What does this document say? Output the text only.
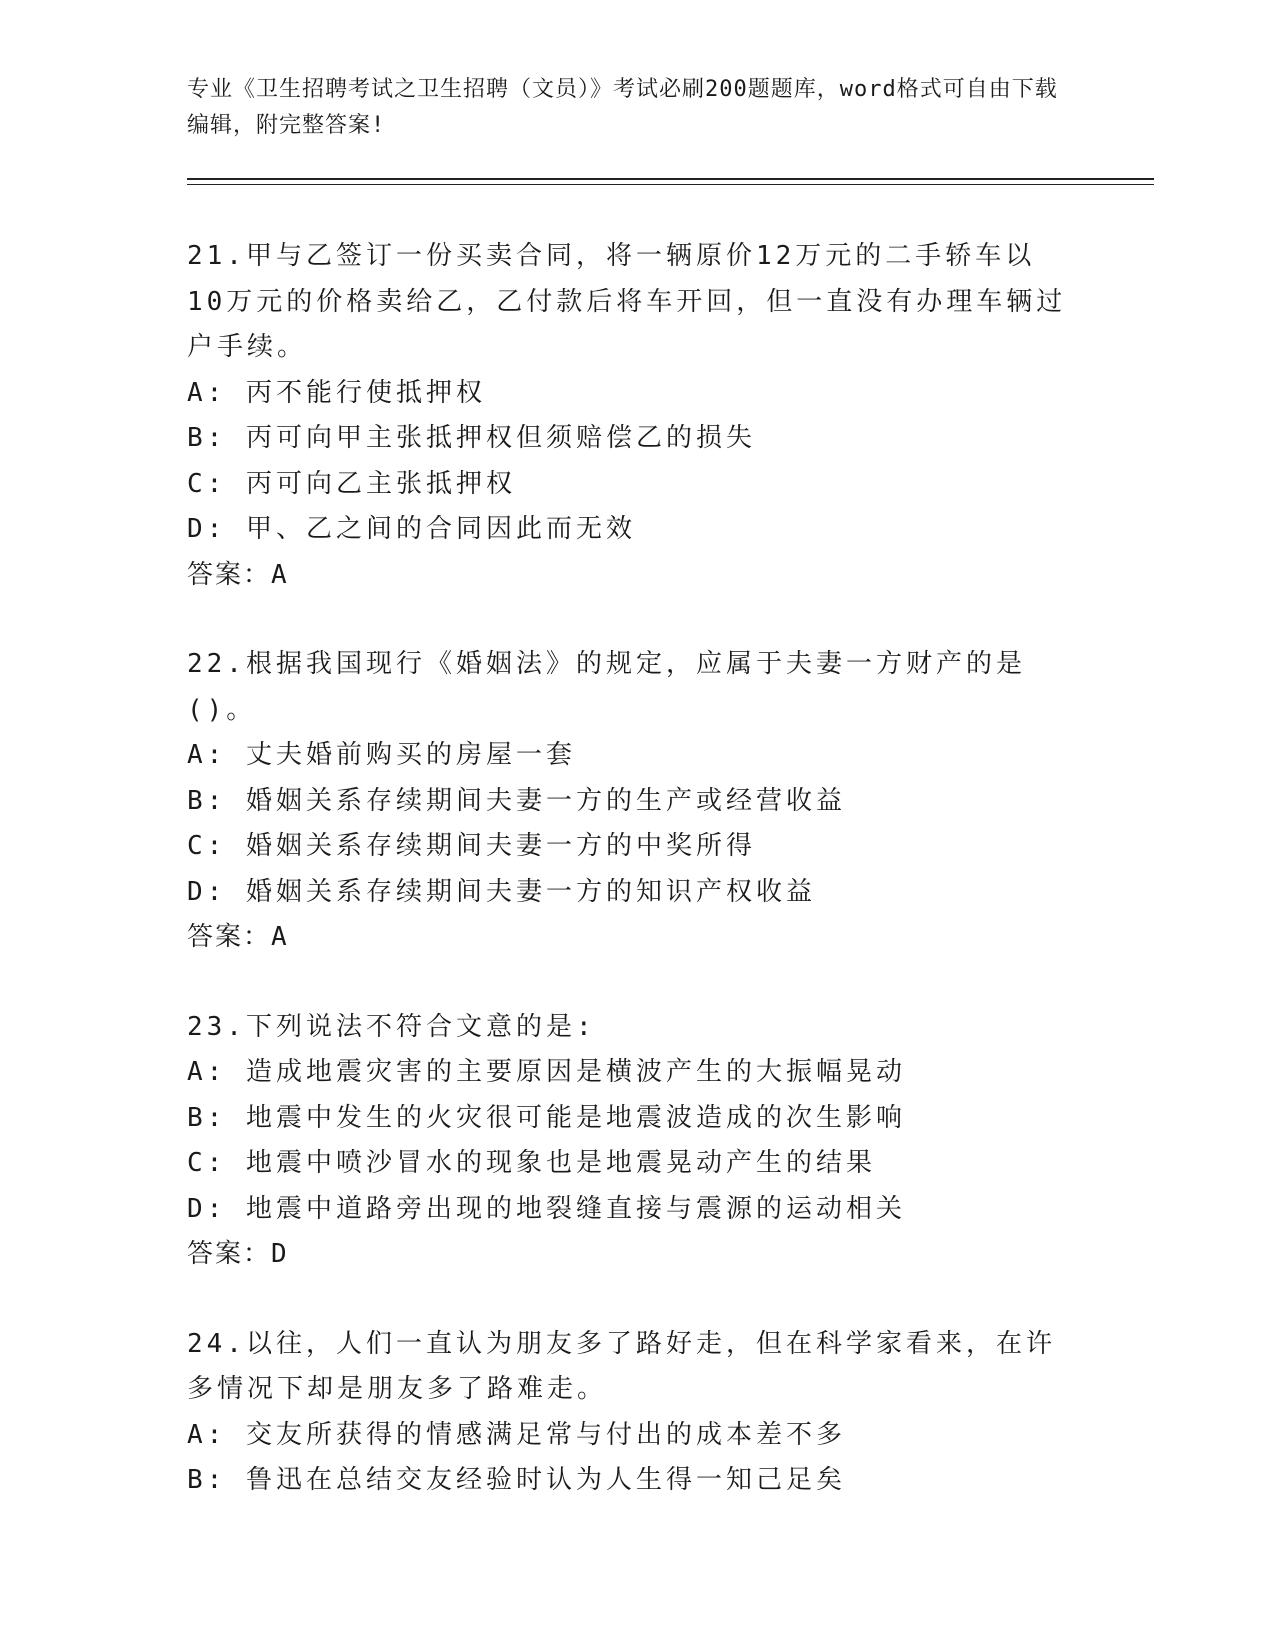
专业《卫生招聘考试之卫生招聘（文员）》考试必刷200题题库，word格式可自由下载编辑，附完整答案!
21.甲与乙签订一份买卖合同，将一辆原价12万元的二手轿车以10万元的价格卖给乙，乙付款后将车开回，但一直没有办理车辆过户手续。
A: 丙不能行使抵押权
B: 丙可向甲主张抵押权但须赔偿乙的损失
C: 丙可向乙主张抵押权
D: 甲、乙之间的合同因此而无效
答案：A
22.根据我国现行《婚姻法》的规定，应属于夫妻一方财产的是()。
A: 丈夫婚前购买的房屋一套
B: 婚姻关系存续期间夫妻一方的生产或经营收益
C: 婚姻关系存续期间夫妻一方的中奖所得
D: 婚姻关系存续期间夫妻一方的知识产权收益
答案：A
23.下列说法不符合文意的是:
A: 造成地震灾害的主要原因是横波产生的大振幅晃动
B: 地震中发生的火灾很可能是地震波造成的次生影响
C: 地震中喷沙冒水的现象也是地震晃动产生的结果
D: 地震中道路旁出现的地裂缝直接与震源的运动相关
答案：D
24.以往，人们一直认为朋友多了路好走，但在科学家看来，在许多情况下却是朋友多了路难走。
A: 交友所获得的情感满足常与付出的成本差不多
B: 鲁迅在总结交友经验时认为人生得一知己足矣
